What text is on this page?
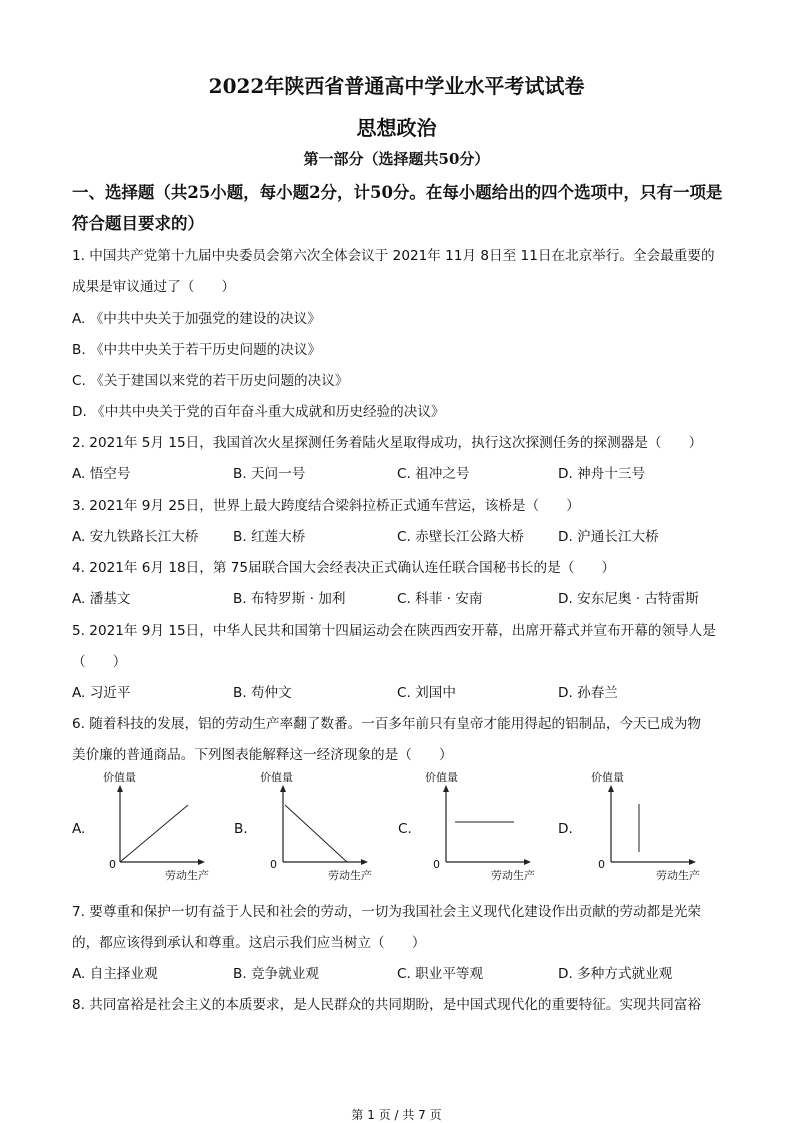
2022年陕西省普通高中学业水平考试试卷
思想政治
第一部分（选择题共50分）
一、选择题（共25小题，每小题2分，计50分。在每小题给出的四个选项中，只有一项是
符合题目要求的）
1. 中国共产党第十九届中央委员会第六次全体会议于 2021年 11月 8日至 11日在北京举行。全会最重要的
成果是审议通过了（　　）
A. 《中共中央关于加强党的建设的决议》
B. 《中共中央关于若干历史问题的决议》
C. 《关于建国以来党的若干历史问题的决议》
D. 《中共中央关于党的百年奋斗重大成就和历史经验的决议》
2. 2021年 5月 15日，我国首次火星探测任务着陆火星取得成功，执行这次探测任务的探测器是（　　）
A. 悟空号	B. 天问一号	C. 祖冲之号	D. 神舟十三号
3. 2021年 9月 25日，世界上最大跨度结合梁斜拉桥正式通车营运，该桥是（　　）
A. 安九铁路长江大桥	B. 红莲大桥	C. 赤壁长江公路大桥	D. 沪通长江大桥
4. 2021年 6月 18日，第 75届联合国大会经表决正式确认连任联合国秘书长的是（　　）
A. 潘基文	B. 布特罗斯 · 加利	C. 科菲 · 安南	D. 安东尼奥 · 古特雷斯
5. 2021年 9月 15日，中华人民共和国第十四届运动会在陕西西安开幕，出席开幕式并宣布开幕的领导人是
（　　）
A. 习近平	B. 苟仲文	C. 刘国中	D. 孙春兰
6. 随着科技的发展，铝的劳动生产率翻了数番。一百多年前只有皇帝才能用得起的铝制品，今天已成为物
美价廉的普通商品。下列图表能解释这一经济现象的是（　　）
A.	B.	C.	D.
价值量
0
劳动生产
价值量
0
劳动生产
价值量
0
劳动生产
价值量
0
劳动生产
7. 要尊重和保护一切有益于人民和社会的劳动，一切为我国社会主义现代化建设作出贡献的劳动都是光荣
的，都应该得到承认和尊重。这启示我们应当树立（　　）
A. 自主择业观	B. 竞争就业观	C. 职业平等观	D. 多种方式就业观
8. 共同富裕是社会主义的本质要求，是人民群众的共同期盼，是中国式现代化的重要特征。实现共同富裕
第 1 页 / 共 7 页
